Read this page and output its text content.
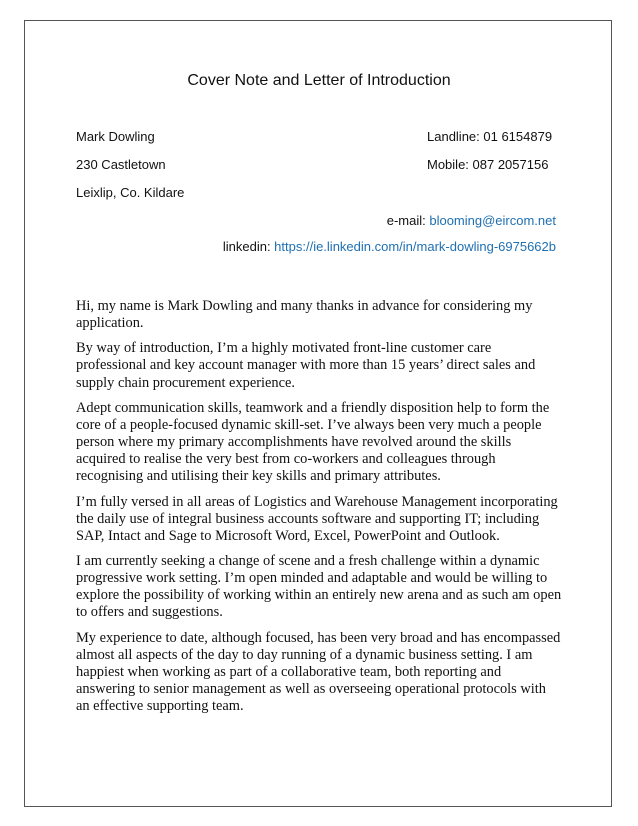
Cover Note and Letter of Introduction
Mark Dowling
230 Castletown
Leixlip, Co. Kildare
Landline: 01 6154879
Mobile: 087 2057156
e-mail: blooming@eircom.net
linkedin: https://ie.linkedin.com/in/mark-dowling-6975662b

Hi, my name is Mark Dowling and many thanks in advance for considering my application.

By way of introduction, I’m a highly motivated front-line customer care professional and key account manager with more than 15 years’ direct sales and supply chain procurement experience.

Adept communication skills, teamwork and a friendly disposition help to form the core of a people-focused dynamic skill-set. I’ve always been very much a people person where my primary accomplishments have revolved around the skills acquired to realise the very best from co-workers and colleagues through recognising and utilising their key skills and primary attributes.

I’m fully versed in all areas of Logistics and Warehouse Management incorporating the daily use of integral business accounts software and supporting IT; including SAP, Intact and Sage to Microsoft Word, Excel, PowerPoint and Outlook.

I am currently seeking a change of scene and a fresh challenge within a dynamic progressive work setting. I’m open minded and adaptable and would be willing to explore the possibility of working within an entirely new arena and as such am open to offers and suggestions.

My experience to date, although focused, has been very broad and has encompassed almost all aspects of the day to day running of a dynamic business setting. I am happiest when working as part of a collaborative team, both reporting and answering to senior management as well as overseeing operational protocols with an effective supporting team.
